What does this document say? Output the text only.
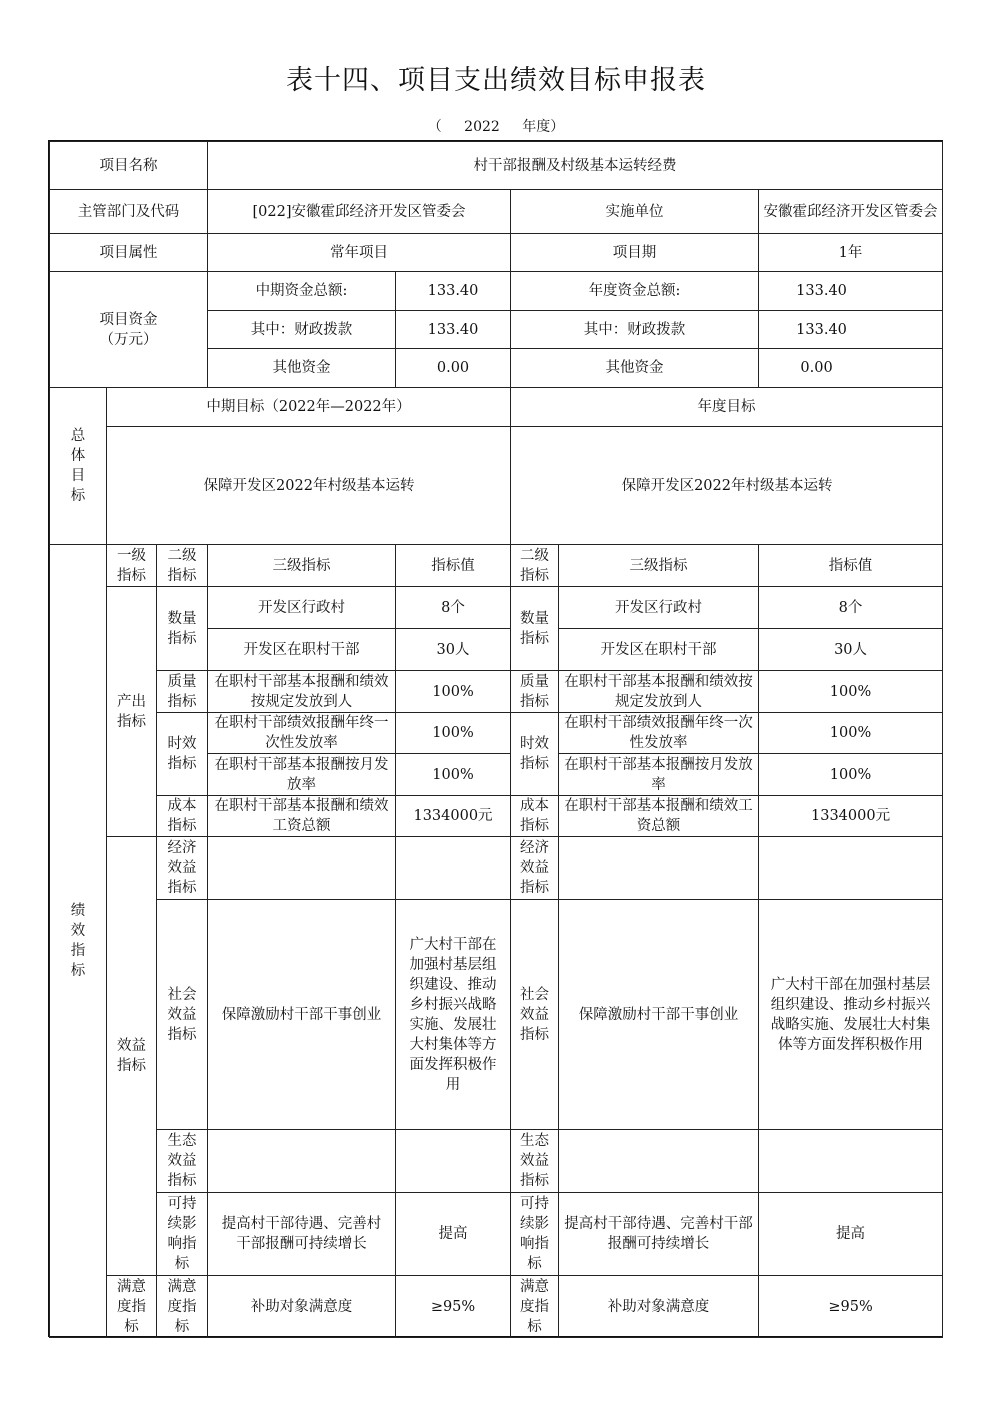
表十四、项目支出绩效目标申报表
（ 2022 年度）
项目名称			村干部报酬及村级基本运转经费				
主管部门及代码			[022]安徽霍邱经济开发区管委会		实施单位		安徽霍邱经济开发区管委会
项目属性			常年项目		项目期		1年

项目资金
（万元）			中期资金总额:	133.40	年度资金总额:		133.40
			其中：财政拨款	133.40	其中：财政拨款		133.40
			其他资金	0.00	其他资金		0.00
总体目标	中期目标（2022年—2022年）				年度目标		
	保障开发区2022年村级基本运转				保障开发区2022年村级基本运转		
绩效指标	一级指标	二级指标	三级指标	指标值	二级指标	三级指标	指标值
	产出指标	数量指标	开发区行政村	8个	数量指标	开发区行政村	8个
			开发区在职村干部	30人		开发区在职村干部	30人
		质量指标	在职村干部基本报酬和绩效按规定发放到人	100%	质量指标	在职村干部基本报酬和绩效按规定发放到人	100%
		时效指标	在职村干部绩效报酬年终一次性发放率	100%	时效指标	在职村干部绩效报酬年终一次性发放率	100%
			在职村干部基本报酬按月发放率	100%		在职村干部基本报酬按月发放率	100%
		成本指标	在职村干部基本报酬和绩效工资总额	1334000元	成本指标	在职村干部基本报酬和绩效工资总额	1334000元
	效益指标	经济效益指标			经济效益指标		
		社会效益指标	保障激励村干部干事创业	广大村干部在加强村基层组织建设、推动乡村振兴战略实施、发展壮大村集体等方面发挥积极作用	社会效益指标	保障激励村干部干事创业	广大村干部在加强村基层组织建设、推动乡村振兴战略实施、发展壮大村集体等方面发挥积极作用
		生态效益指标			生态效益指标		
		可持续影响指标	提高村干部待遇、完善村干部报酬可持续增长	提高	可持续影响指标	提高村干部待遇、完善村干部报酬可持续增长	提高
	满意度指标	满意度指标	补助对象满意度	≥95%	满意度指标	补助对象满意度	≥95%
